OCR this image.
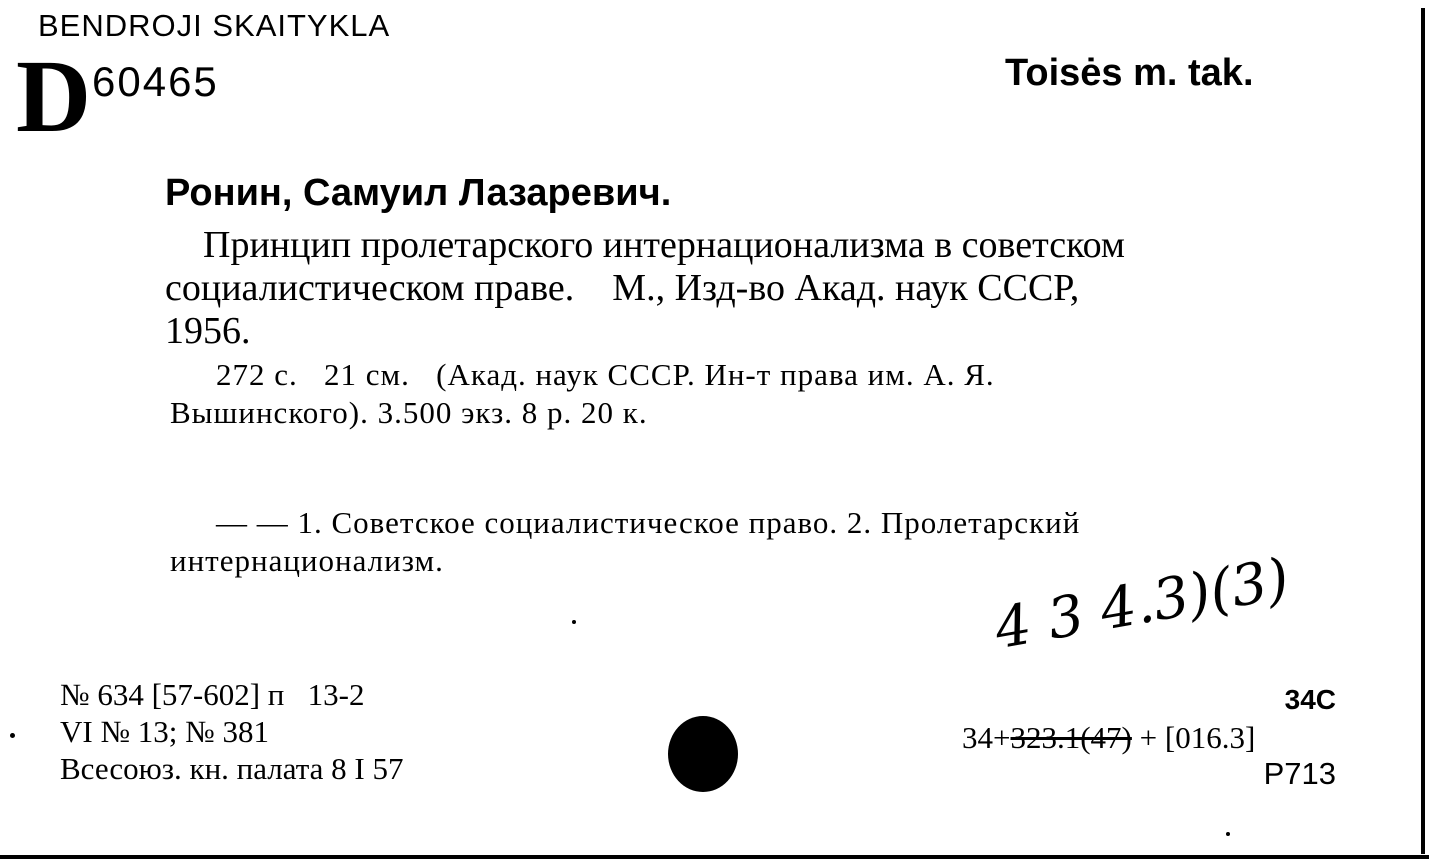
BENDROJI SKAITYKLA
D 60465	Toisės m. tak.
Ронин, Самуил Лазаревич.
Принцип пролетарского интернационализма в советском
социалистическом праве.    М., Изд-во Акад. наук СССР,
1956.
272 с.   21 см.   (Акад. наук СССР. Ин-т права им. А. Я.
Вышинского). 3.500 экз. 8 р. 20 к.
— — 1. Советское социалистическое право. 2. Пролетарский
интернационализм.
№ 634 [57-602] п   13-2
VI № 13; № 381
Всесоюз. кн. палата 8 I 57
4 3 4.3)(3)
34С
34+323.1(47) + [016.3]
Р713
